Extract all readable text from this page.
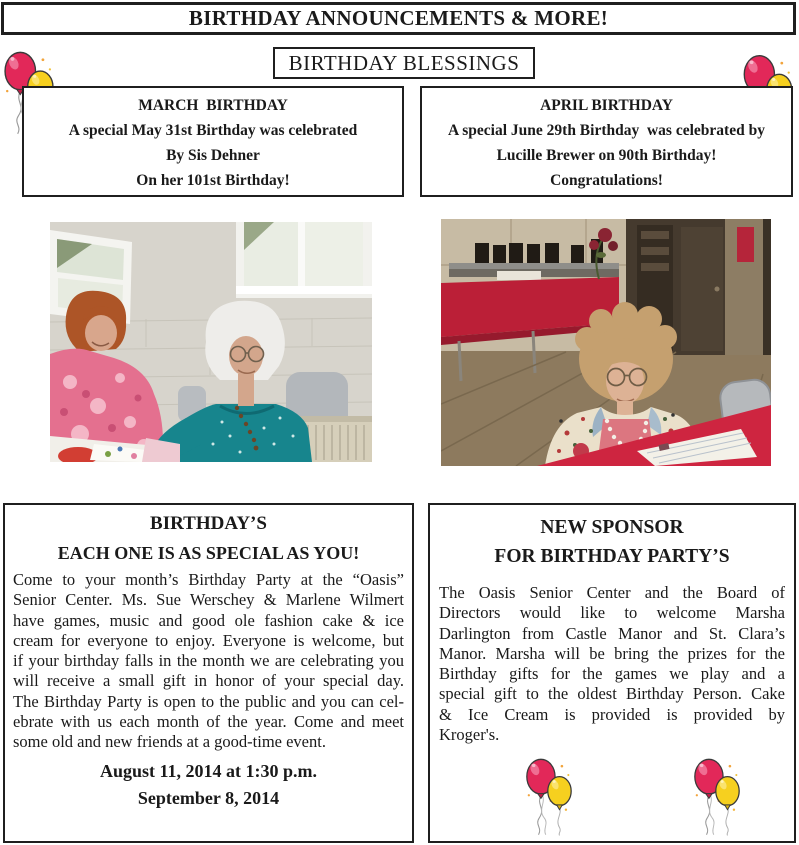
BIRTHDAY ANNOUNCEMENTS & MORE!
BIRTHDAY BLESSINGS
MARCH  BIRTHDAY
A special May 31st Birthday was celebrated
By Sis Dehner
On her 101st Birthday!
APRIL BIRTHDAY
A special June 29th Birthday  was celebrated by
Lucille Brewer on 90th Birthday!
Congratulations!
BIRTHDAY’S
EACH ONE IS AS SPECIAL AS YOU!
Come to your month’s Birthday Party at the “Oasis”
Senior Center. Ms. Sue Werschey & Marlene Wilmert
have games, music and good ole fashion cake & ice
cream for everyone to enjoy. Everyone is welcome, but
if your birthday falls in the month we are celebrating you
will receive a small gift in honor of your special day.
The Birthday Party is open to the public and you can cel-
ebrate with us each month of the year. Come and meet
some old and new friends at a good-time event.
August 11, 2014 at 1:30 p.m.
September 8, 2014
NEW SPONSOR
FOR BIRTHDAY PARTY’S
The Oasis Senior Center and the Board of
Directors would like to welcome Marsha
Darlington from Castle Manor and St. Clara’s
Manor. Marsha will be bring the prizes for the
Birthday gifts for the games we play and a
special gift to the oldest Birthday Person. Cake
& Ice Cream is provided is provided by
Kroger's.
